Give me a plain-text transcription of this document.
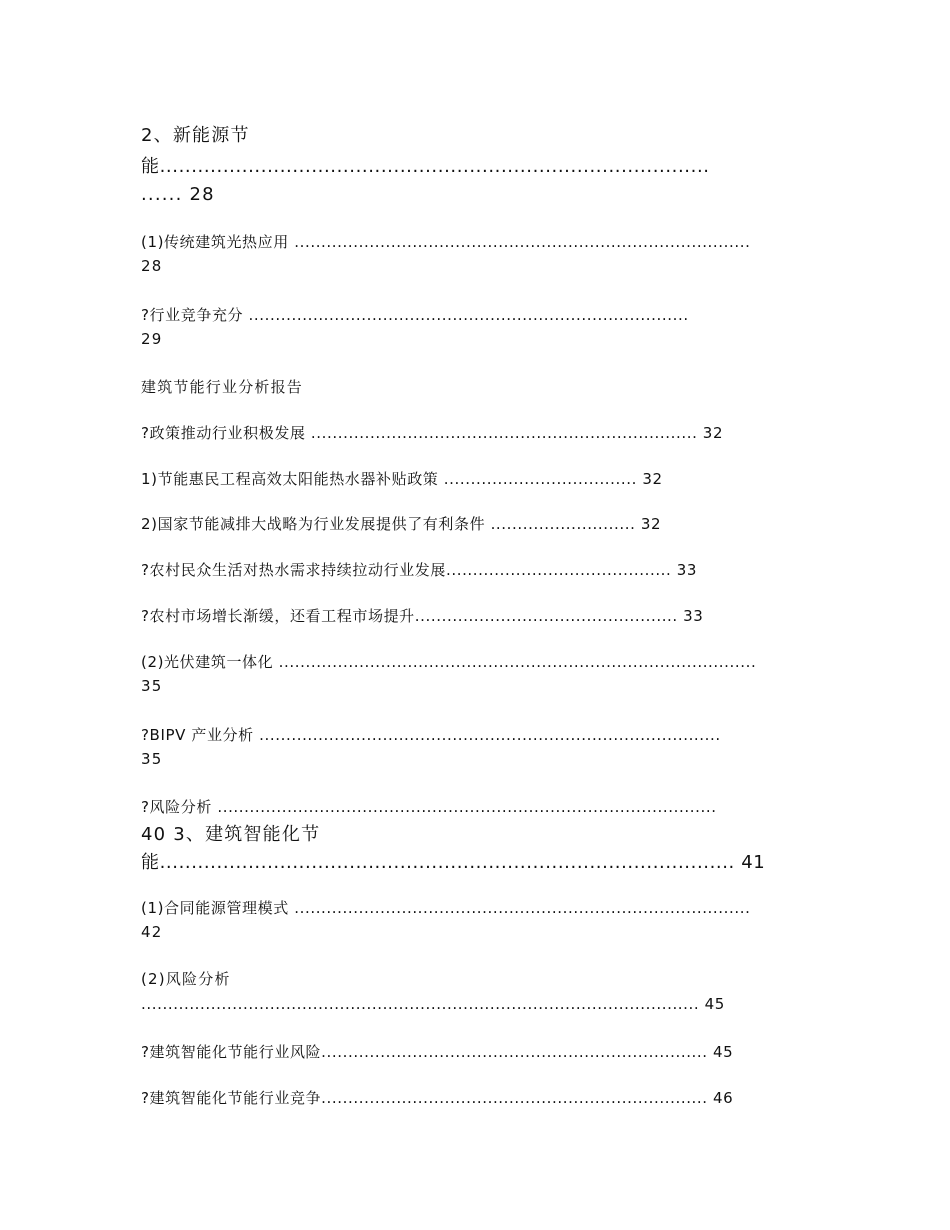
2、新能源节
能.......................................................................................
...... 28
(1)传统建筑光热应用 .....................................................................................
28
?行业竞争充分 ..................................................................................
29
建筑节能行业分析报告
?政策推动行业积极发展 ........................................................................ 32
1)节能惠民工程高效太阳能热水器补贴政策 .................................... 32
2)国家节能减排大战略为行业发展提供了有利条件 ........................... 32
?农村民众生活对热水需求持续拉动行业发展.......................................... 33
?农村市场增长渐缓，还看工程市场提升................................................. 33
(2)光伏建筑一体化 .........................................................................................
35
?BIPV 产业分析 ......................................................................................
35
?风险分析 .............................................................................................
40 3、建筑智能化节
能........................................................................................... 41
(1)合同能源管理模式 .....................................................................................
42
(2)风险分析
........................................................................................................ 45
?建筑智能化节能行业风险........................................................................ 45
?建筑智能化节能行业竞争........................................................................ 46
